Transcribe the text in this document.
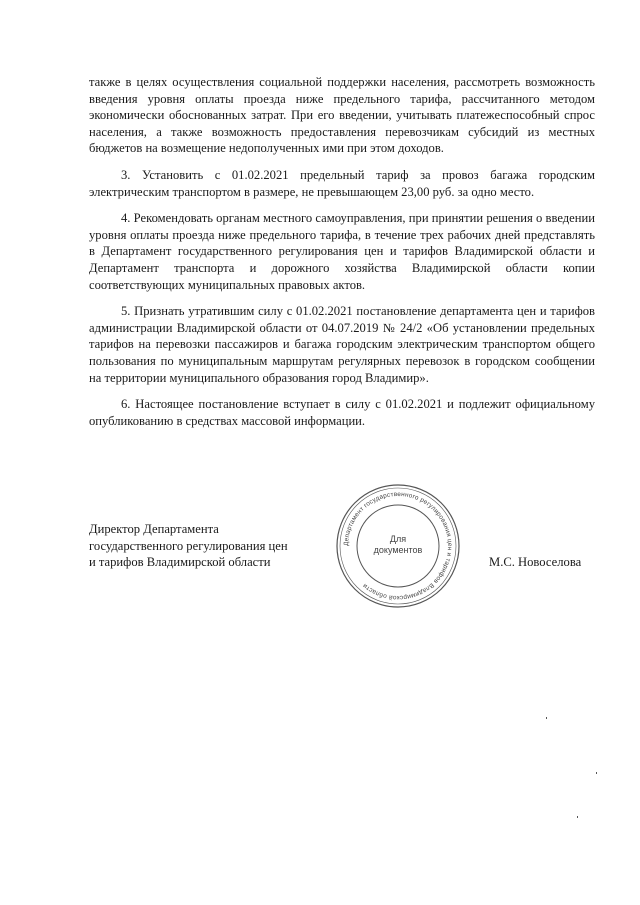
также в целях осуществления социальной поддержки населения, рассмотреть возможность введения уровня оплаты проезда ниже предельного тарифа, рассчитанного методом экономически обоснованных затрат. При его введении, учитывать платежеспособный спрос населения, а также возможность предоставления перевозчикам субсидий из местных бюджетов на возмещение недополученных ими при этом доходов.

3. Установить с 01.02.2021 предельный тариф за провоз багажа городским электрическим транспортом в размере, не превышающем 23,00 руб. за одно место.

4. Рекомендовать органам местного самоуправления, при принятии решения о введении уровня оплаты проезда ниже предельного тарифа, в течение трех рабочих дней представлять в Департамент государственного регулирования цен и тарифов Владимирской области и Департамент транспорта и дорожного хозяйства Владимирской области копии соответствующих муниципальных правовых актов.

5. Признать утратившим силу с 01.02.2021 постановление департамента цен и тарифов администрации Владимирской области от 04.07.2019 № 24/2 «Об установлении предельных тарифов на перевозки пассажиров и багажа городским электрическим транспортом общего пользования по муниципальным маршрутам регулярных перевозок в городском сообщении на территории муниципального образования город Владимир».

6. Настоящее постановление вступает в силу с 01.02.2021 и подлежит официальному опубликованию в средствах массовой информации.

Директор Департамента
государственного регулирования цен
и тарифов Владимирской области
Департамент государственного регулирования цен и тарифов Владимирской области
Для
документов
М.С. Новоселова
